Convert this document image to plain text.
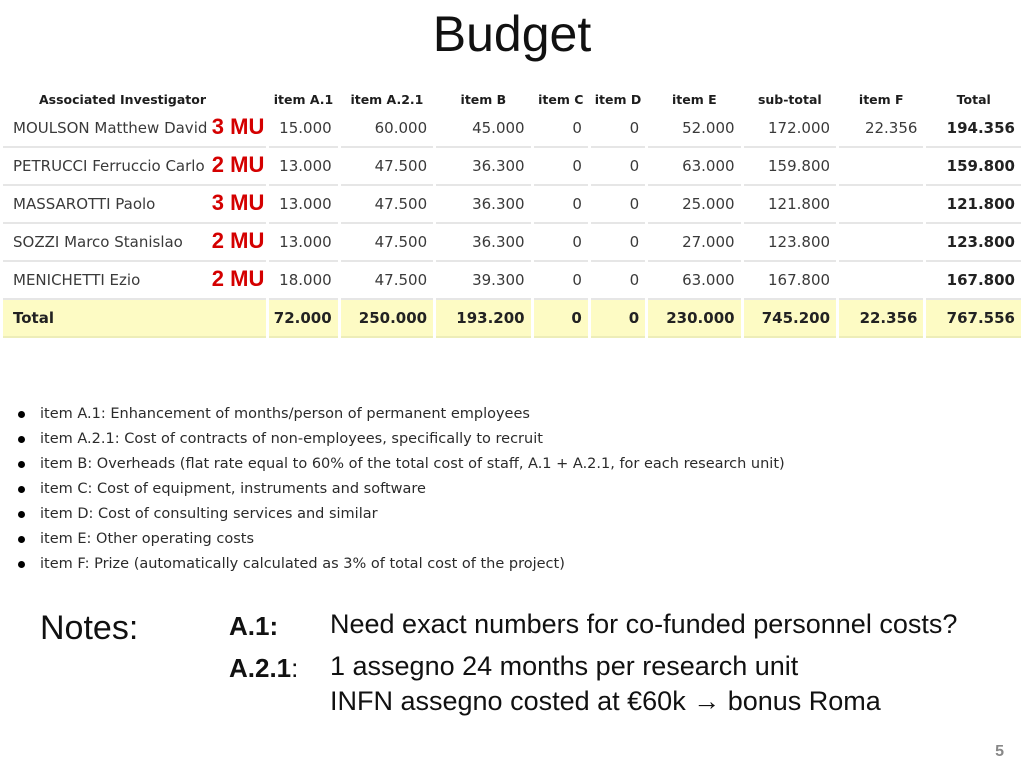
Budget
Associated Investigator	item A.1	item A.2.1	item B	item C	item D	item E	sub-total	item F	Total
MOULSON Matthew David 3 MU	15.000	60.000	45.000	0	0	52.000	172.000	22.356	194.356
PETRUCCI Ferruccio Carlo 2 MU	13.000	47.500	36.300	0	0	63.000	159.800		159.800
MASSAROTTI Paolo 3 MU	13.000	47.500	36.300	0	0	25.000	121.800		121.800
SOZZI Marco Stanislao 2 MU	13.000	47.500	36.300	0	0	27.000	123.800		123.800
MENICHETTI Ezio 2 MU	18.000	47.500	39.300	0	0	63.000	167.800		167.800
Total	72.000	250.000	193.200	0	0	230.000	745.200	22.356	767.556
item A.1: Enhancement of months/person of permanent employees
item A.2.1: Cost of contracts of non-employees, specifically to recruit
item B: Overheads (flat rate equal to 60% of the total cost of staff, A.1 + A.2.1, for each research unit)
item C: Cost of equipment, instruments and software
item D: Cost of consulting services and similar
item E: Other operating costs
item F: Prize (automatically calculated as 3% of total cost of the project)
Notes:	A.1: Need exact numbers for co-funded personnel costs?
A.2.1: 1 assegno 24 months per research unit
INFN assegno costed at €60k → bonus Roma
5
